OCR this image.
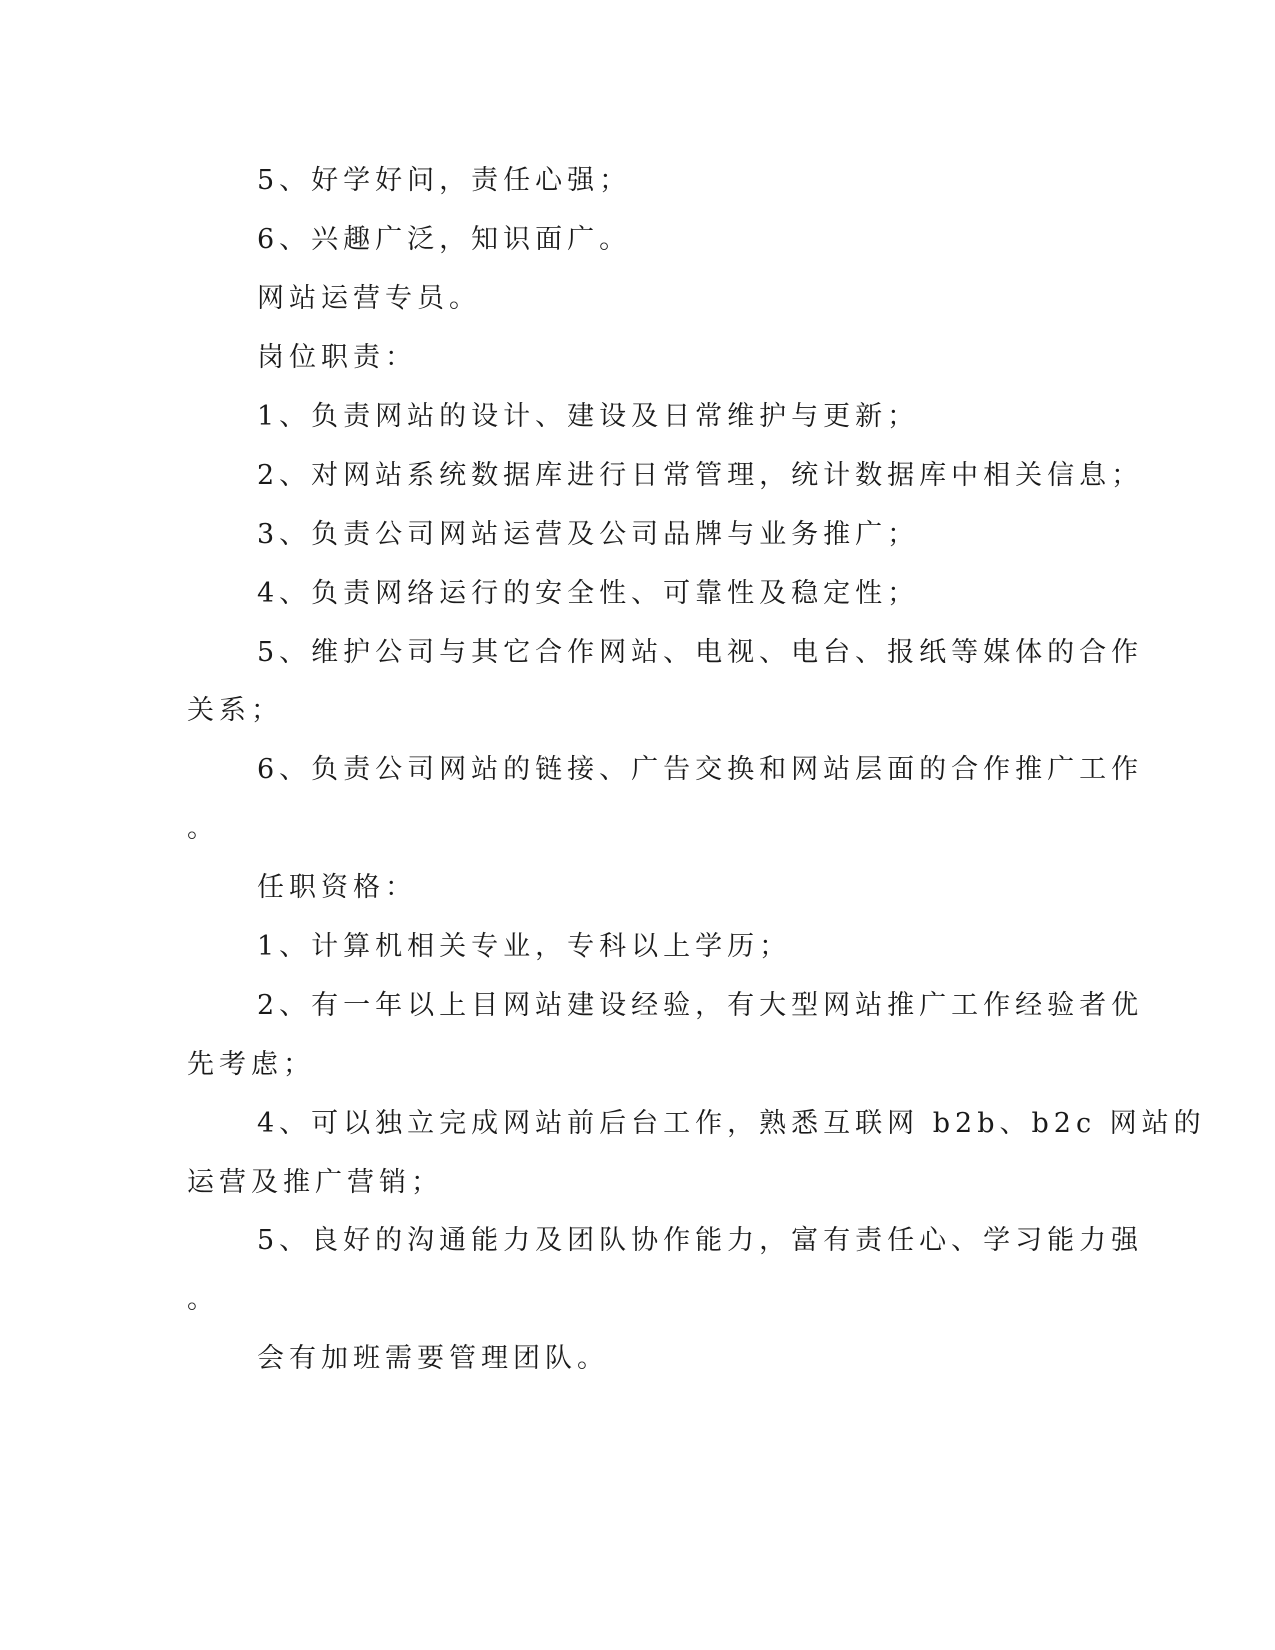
5、好学好问，责任心强；
6、兴趣广泛，知识面广。
网站运营专员。
岗位职责：
1、负责网站的设计、建设及日常维护与更新；
2、对网站系统数据库进行日常管理，统计数据库中相关信息；
3、负责公司网站运营及公司品牌与业务推广；
4、负责网络运行的安全性、可靠性及稳定性；
5、维护公司与其它合作网站、电视、电台、报纸等媒体的合作
关系；
6、负责公司网站的链接、广告交换和网站层面的合作推广工作
。
任职资格：
1、计算机相关专业，专科以上学历；
2、有一年以上目网站建设经验，有大型网站推广工作经验者优
先考虑；
4、可以独立完成网站前后台工作，熟悉互联网 b2b、b2c 网站的
运营及推广营销；
5、良好的沟通能力及团队协作能力，富有责任心、学习能力强
。
会有加班需要管理团队。
